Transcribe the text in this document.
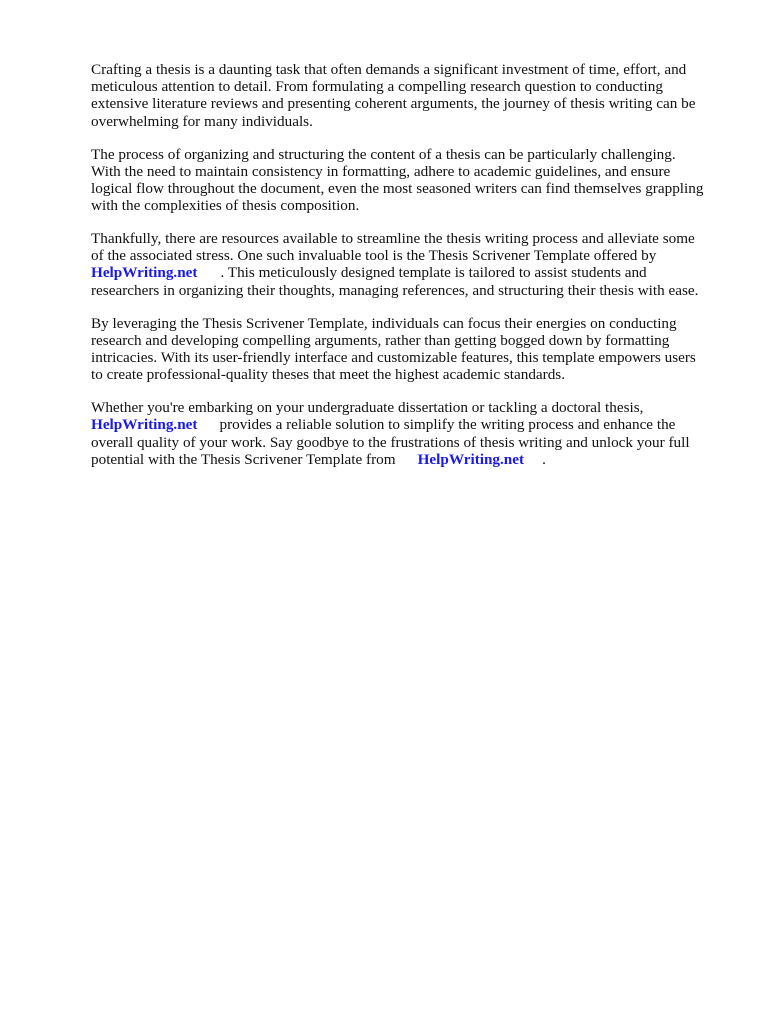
Crafting a thesis is a daunting task that often demands a significant investment of time, effort, and
meticulous attention to detail. From formulating a compelling research question to conducting
extensive literature reviews and presenting coherent arguments, the journey of thesis writing can be
overwhelming for many individuals.

The process of organizing and structuring the content of a thesis can be particularly challenging.
With the need to maintain consistency in formatting, adhere to academic guidelines, and ensure
logical flow throughout the document, even the most seasoned writers can find themselves grappling
with the complexities of thesis composition.

Thankfully, there are resources available to streamline the thesis writing process and alleviate some
of the associated stress. One such invaluable tool is the Thesis Scrivener Template offered by
HelpWriting.net . This meticulously designed template is tailored to assist students and
researchers in organizing their thoughts, managing references, and structuring their thesis with ease.

By leveraging the Thesis Scrivener Template, individuals can focus their energies on conducting
research and developing compelling arguments, rather than getting bogged down by formatting
intricacies. With its user-friendly interface and customizable features, this template empowers users
to create professional-quality theses that meet the highest academic standards.

Whether you're embarking on your undergraduate dissertation or tackling a doctoral thesis,
HelpWriting.net provides a reliable solution to simplify the writing process and enhance the
overall quality of your work. Say goodbye to the frustrations of thesis writing and unlock your full
potential with the Thesis Scrivener Template from HelpWriting.net .
